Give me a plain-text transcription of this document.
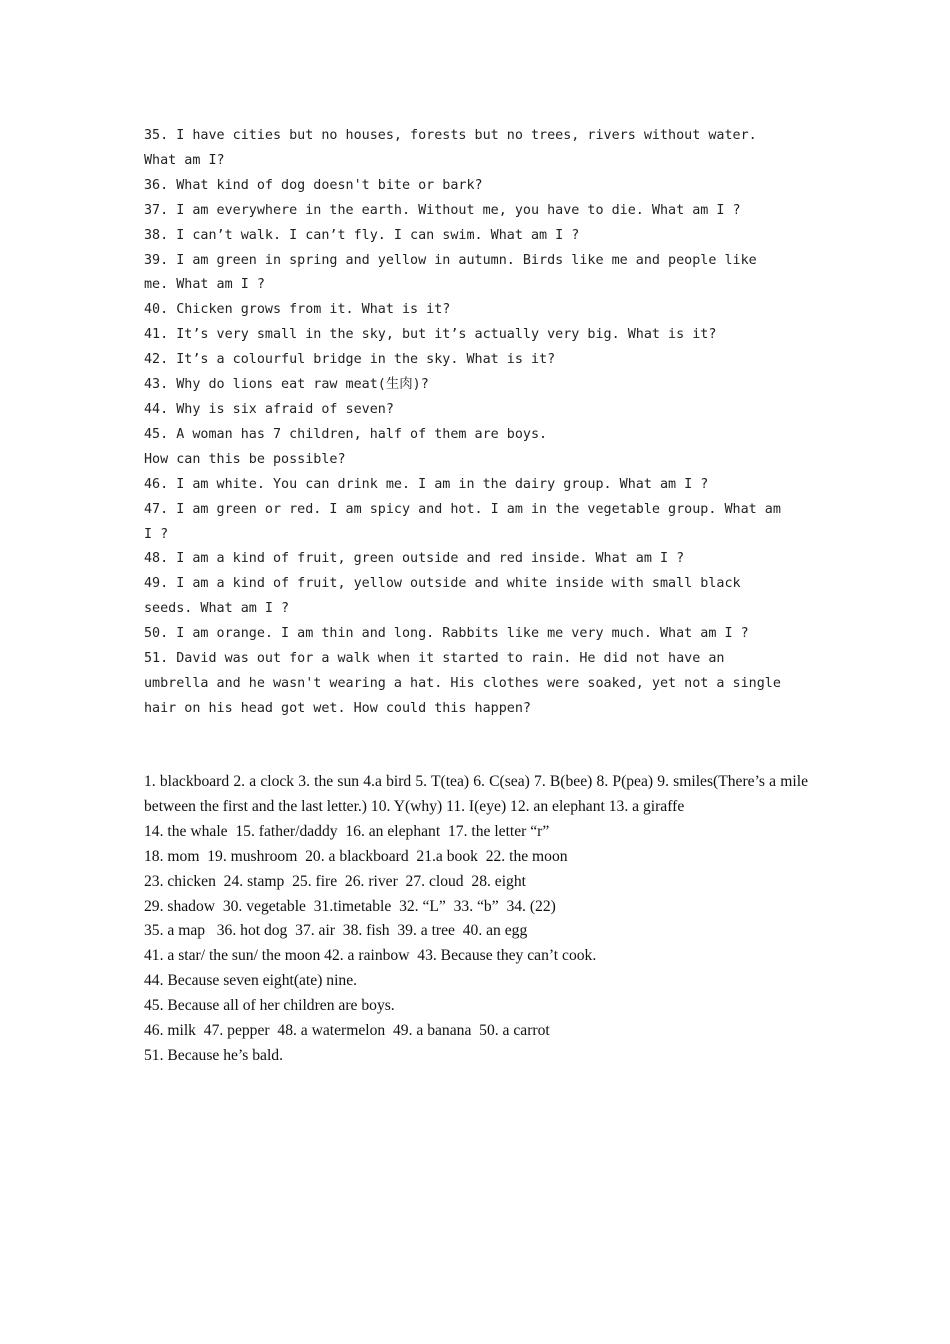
35. I have cities but no houses, forests but no trees, rivers without water.

What am I?

36. What kind of dog doesn't bite or bark?

37. I am everywhere in the earth. Without me, you have to die. What am I ?

38. I can’t walk. I can’t fly. I can swim. What am I ?

39. I am green in spring and yellow in autumn. Birds like me and people like

me. What am I ?

40. Chicken grows from it. What is it?

41. It’s very small in the sky, but it’s actually very big. What is it?

42. It’s a colourful bridge in the sky. What is it?

43. Why do lions eat raw meat(生肉)?

44. Why is six afraid of seven?

45. A woman has 7 children, half of them are boys.

How can this be possible?

46. I am white. You can drink me. I am in the dairy group. What am I ?

47. I am green or red. I am spicy and hot. I am in the vegetable group. What am

I ?

48. I am a kind of fruit, green outside and red inside. What am I ?

49. I am a kind of fruit, yellow outside and white inside with small black

seeds. What am I ?

50. I am orange. I am thin and long. Rabbits like me very much. What am I ?

51. David was out for a walk when it started to rain. He did not have an

umbrella and he wasn't wearing a hat. His clothes were soaked, yet not a single

hair on his head got wet. How could this happen?

1. blackboard 2. a clock 3. the sun 4.a bird 5. T(tea) 6. C(sea) 7. B(bee) 8. P(pea) 9. smiles(There’s a mile between the first and the last letter.) 10. Y(why) 11. I(eye) 12. an elephant 13. a giraffe

14. the whale  15. father/daddy  16. an elephant  17. the letter “r”

18. mom  19. mushroom  20. a blackboard  21.a book  22. the moon

23. chicken  24. stamp  25. fire  26. river  27. cloud  28. eight

29. shadow  30. vegetable  31.timetable  32. “L”  33. “b”  34. (22)

35. a map   36. hot dog  37. air  38. fish  39. a tree  40. an egg

41. a star/ the sun/ the moon 42. a rainbow  43. Because they can’t cook.

44. Because seven eight(ate) nine.

45. Because all of her children are boys.

46. milk  47. pepper  48. a watermelon  49. a banana  50. a carrot

51. Because he’s bald.
